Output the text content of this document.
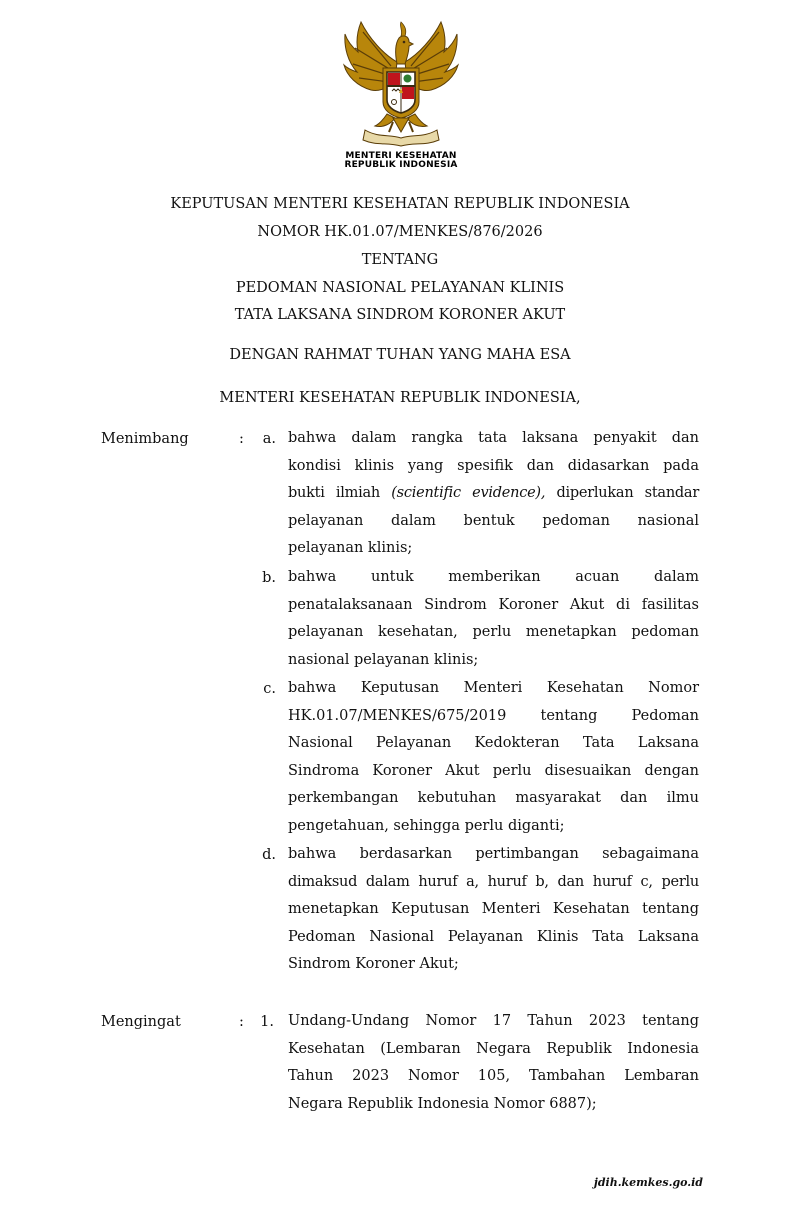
MENTERI KESEHATAN
REPUBLIK INDONESIA
KEPUTUSAN MENTERI KESEHATAN REPUBLIK INDONESIA
NOMOR HK.01.07/MENKES/876/2026
TENTANG
PEDOMAN NASIONAL PELAYANAN KLINIS
TATA LAKSANA SINDROM KORONER AKUT
DENGAN RAHMAT TUHAN YANG MAHA ESA
MENTERI KESEHATAN REPUBLIK INDONESIA,
Menimbang	:	a. bahwa dalam rangka tata laksana penyakit dan
kondisi klinis yang spesifik dan didasarkan pada
bukti ilmiah (scientific evidence), diperlukan standar
pelayanan dalam bentuk pedoman nasional
pelayanan klinis;
b. bahwa untuk memberikan acuan dalam
penatalaksanaan Sindrom Koroner Akut di fasilitas
pelayanan kesehatan, perlu menetapkan pedoman
nasional pelayanan klinis;
c. bahwa Keputusan Menteri Kesehatan Nomor
HK.01.07/MENKES/675/2019 tentang Pedoman
Nasional Pelayanan Kedokteran Tata Laksana
Sindroma Koroner Akut perlu disesuaikan dengan
perkembangan kebutuhan masyarakat dan ilmu
pengetahuan, sehingga perlu diganti;
d. bahwa berdasarkan pertimbangan sebagaimana
dimaksud dalam huruf a, huruf b, dan huruf c, perlu
menetapkan Keputusan Menteri Kesehatan tentang
Pedoman Nasional Pelayanan Klinis Tata Laksana
Sindrom Koroner Akut;
Mengingat	:	1. Undang-Undang Nomor 17 Tahun 2023 tentang
Kesehatan (Lembaran Negara Republik Indonesia
Tahun 2023 Nomor 105, Tambahan Lembaran
Negara Republik Indonesia Nomor 6887);
jdih.kemkes.go.id
